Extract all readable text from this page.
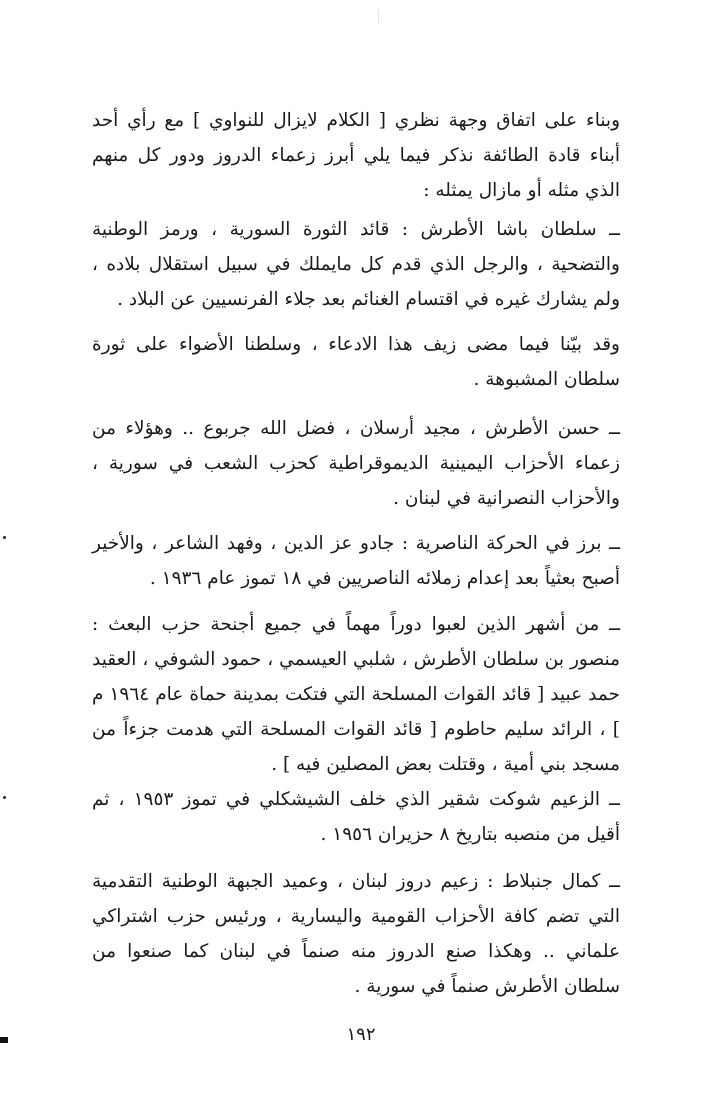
وبناء على اتفاق وجهة نظري [ الكلام لايزال للنواوي ] مع رأي أحد أبناء قادة الطائفة نذكر فيما يلي أبرز زعماء الدروز ودور كل منهم الذي مثله أو مازال يمثله :

ــ سلطان باشا الأطرش : قائد الثورة السورية ، ورمز الوطنية والتضحية ، والرجل الذي قدم كل مايملك في سبيل استقلال بلاده ، ولم يشارك غيره في اقتسام الغنائم بعد جلاء الفرنسيين عن البلاد .

وقد بيّنا فيما مضى زيف هذا الادعاء ، وسلطنا الأضواء على ثورة سلطان المشبوهة .

ــ حسن الأطرش ، مجيد أرسلان ، فضل الله جربوع .. وهؤلاء من زعماء الأحزاب اليمينية الديموقراطية كحزب الشعب في سورية ، والأحزاب النصرانية في لبنان .

ــ برز في الحركة الناصرية : جادو عز الدين ، وفهد الشاعر ، والأخير أصبح بعثياً بعد إعدام زملائه الناصريين في ١٨ تموز عام ١٩٣٦ .

ــ من أشهر الذين لعبوا دوراً مهماً في جميع أجنحة حزب البعث : منصور بن سلطان الأطرش ، شلبي العيسمي ، حمود الشوفي ، العقيد حمد عبيد [ قائد القوات المسلحة التي فتكت بمدينة حماة عام ١٩٦٤ م ] ، الرائد سليم حاطوم [ قائد القوات المسلحة التي هدمت جزءاً من مسجد بني أمية ، وقتلت بعض المصلين فيه ] .

ــ الزعيم شوكت شقير الذي خلف الشيشكلي في تموز ١٩٥٣ ، ثم أقيل من منصبه بتاريخ ٨ حزيران ١٩٥٦ .

ــ كمال جنبلاط : زعيم دروز لبنان ، وعميد الجبهة الوطنية التقدمية التي تضم كافة الأحزاب القومية واليسارية ، ورئيس حزب اشتراكي علماني .. وهكذا صنع الدروز منه صنماً في لبنان كما صنعوا من سلطان الأطرش صنماً في سورية .

١٩٢
